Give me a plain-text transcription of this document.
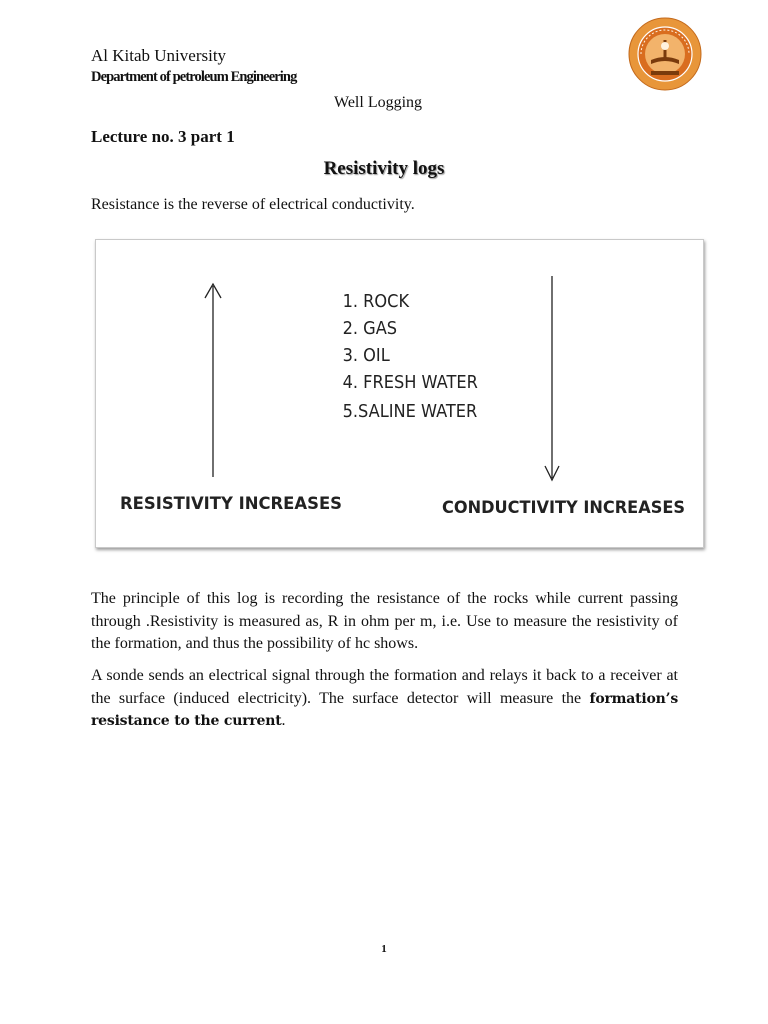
Al Kitab University
Department of petroleum Engineering
Well Logging
Lecture no. 3 part 1
Resistivity logs
Resistance is the reverse of electrical conductivity.
1. ROCK
2. GAS
3. OIL
4. FRESH WATER
5.SALINE WATER
RESISTIVITY INCREASES	CONDUCTIVITY INCREASES

The principle of this log is recording the resistance of the rocks while current passing through .Resistivity is measured as, R in ohm per m, i.e. Use to measure the resistivity of the formation, and thus the possibility of hc shows.

A sonde sends an electrical signal through the formation and relays it back to a receiver at the surface (induced electricity). The surface detector will measure the formation’s resistance to the current.

1
